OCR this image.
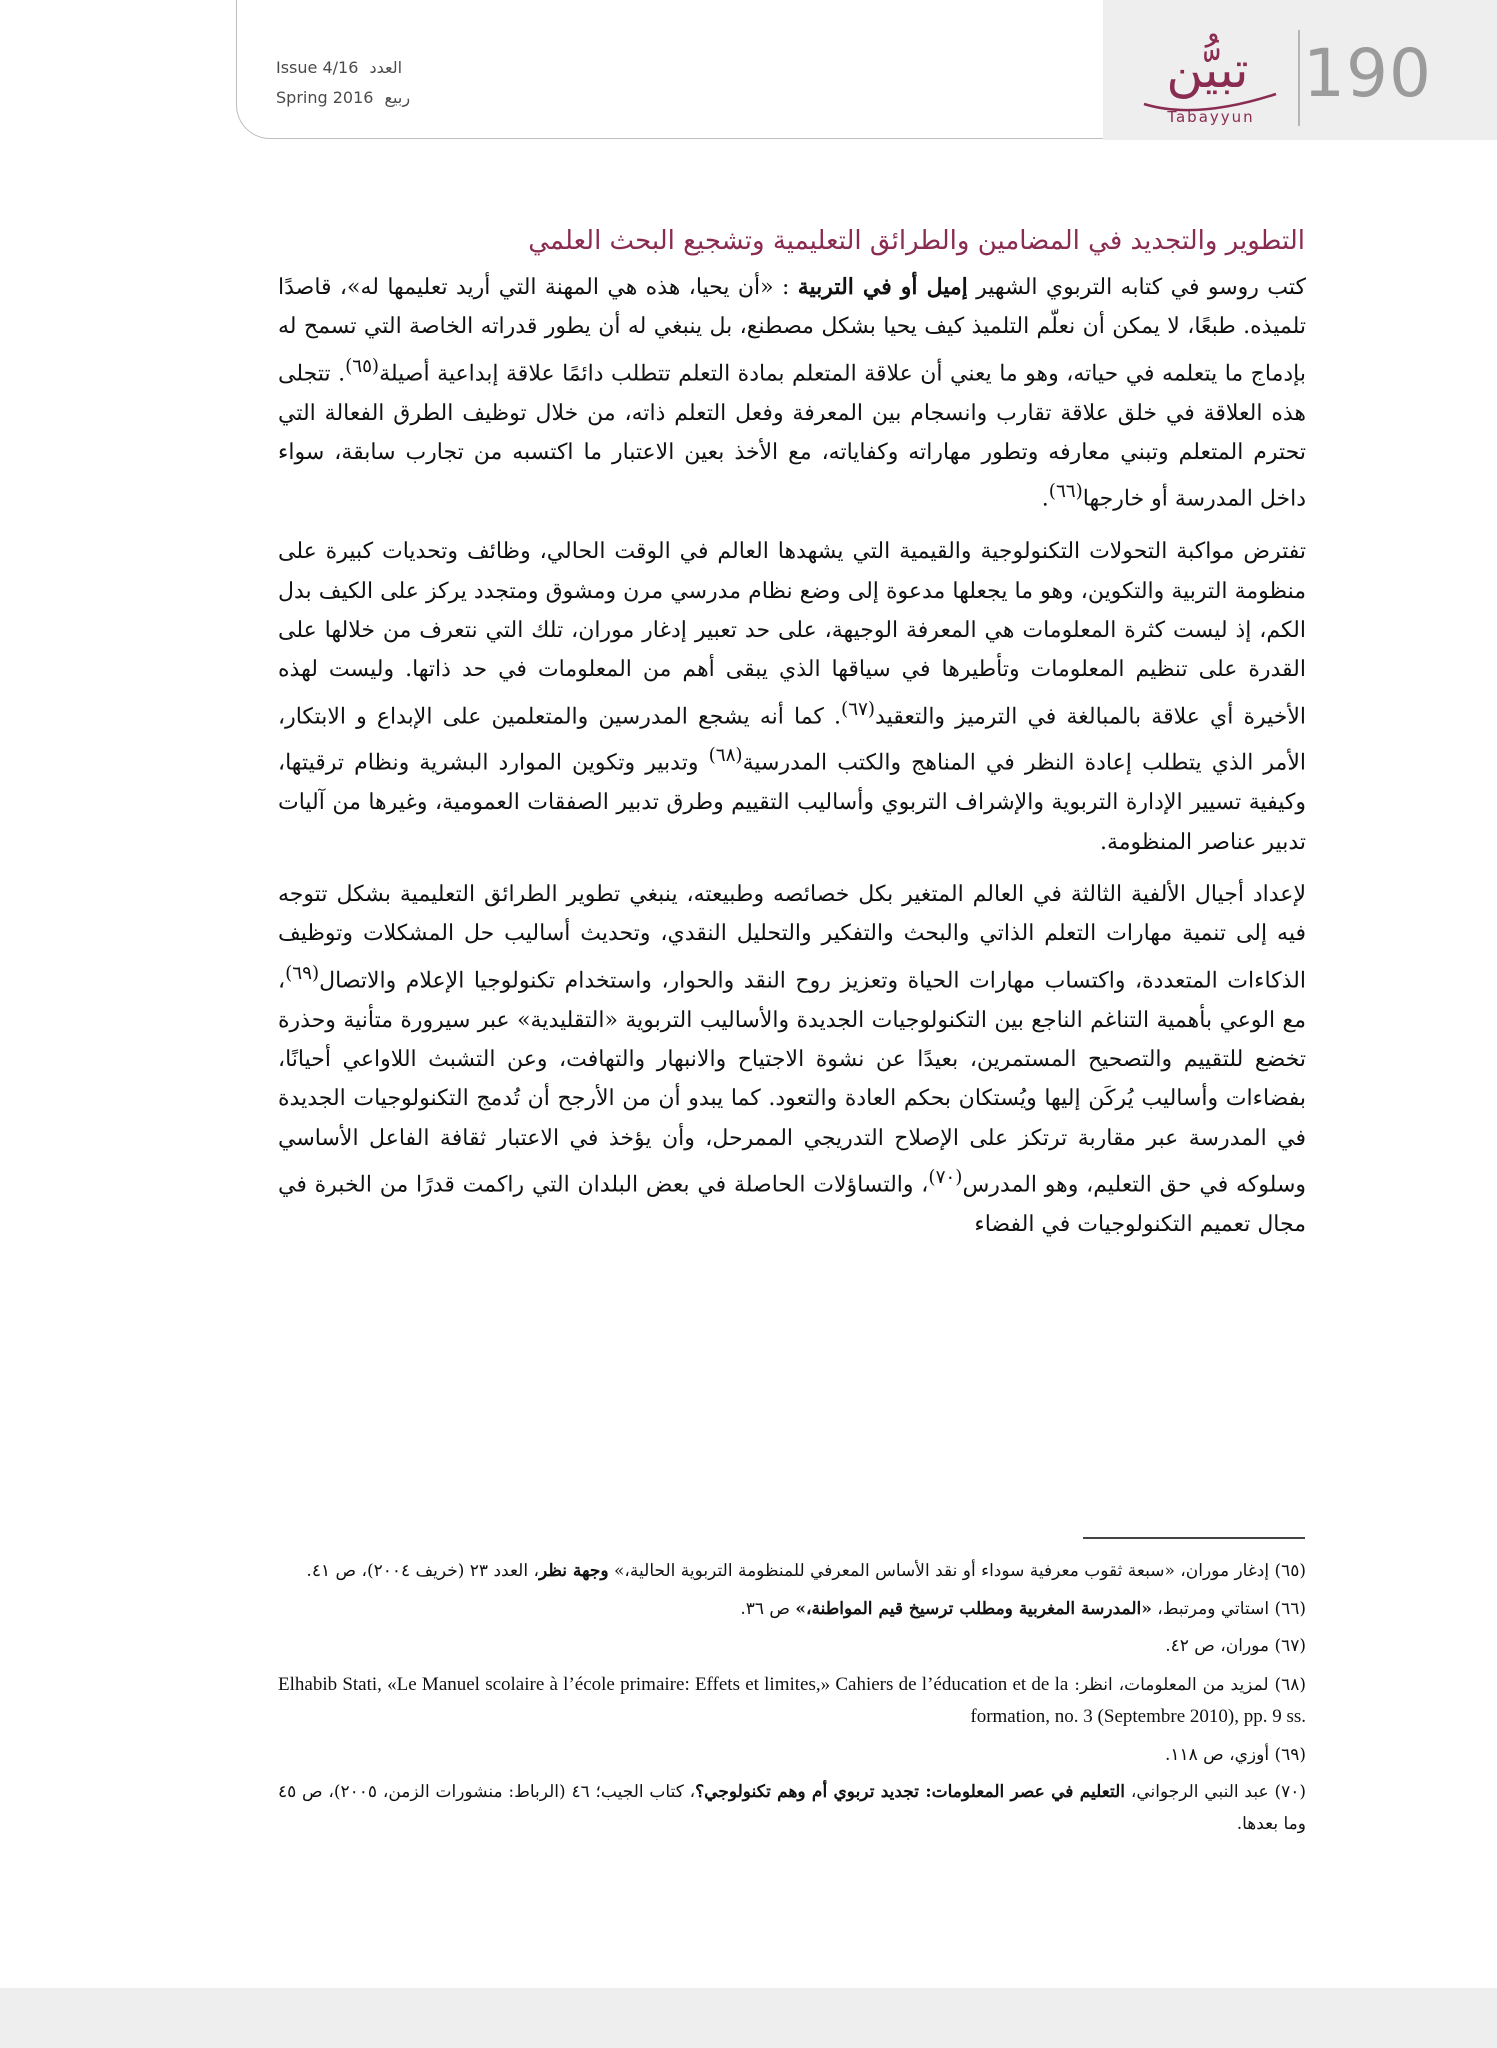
Issue 4/16 العدد
Spring 2016 ربيع	تبيُّن
Tabayyun
190
التطوير والتجديد في المضامين والطرائق التعليمية وتشجيع البحث العلمي

كتب روسو في كتابه التربوي الشهير إميل أو في التربية : «أن يحيا، هذه هي المهنة التي أريد تعليمها له»، قاصدًا تلميذه. طبعًا، لا يمكن أن نعلّم التلميذ كيف يحيا بشكل مصطنع، بل ينبغي له أن يطور قدراته الخاصة التي تسمح له بإدماج ما يتعلمه في حياته، وهو ما يعني أن علاقة المتعلم بمادة التعلم تتطلب دائمًا علاقة إبداعية أصيلة$^{(٦٥)}$. تتجلى هذه العلاقة في خلق علاقة تقارب وانسجام بين المعرفة وفعل التعلم ذاته، من خلال توظيف الطرق الفعالة التي تحترم المتعلم وتبني معارفه وتطور مهاراته وكفاياته، مع الأخذ بعين الاعتبار ما اكتسبه من تجارب سابقة، سواء داخل المدرسة أو خارجها$^{(٦٦)}$.

تفترض مواكبة التحولات التكنولوجية والقيمية التي يشهدها العالم في الوقت الحالي، وظائف وتحديات كبيرة على منظومة التربية والتكوين، وهو ما يجعلها مدعوة إلى وضع نظام مدرسي مرن ومشوق ومتجدد يركز على الكيف بدل الكم، إذ ليست كثرة المعلومات هي المعرفة الوجيهة، على حد تعبير إدغار موران، تلك التي نتعرف من خلالها على القدرة على تنظيم المعلومات وتأطيرها في سياقها الذي يبقى أهم من المعلومات في حد ذاتها. وليست لهذه الأخيرة أي علاقة بالمبالغة في الترميز والتعقيد$^{(٦٧)}$. كما أنه يشجع المدرسين والمتعلمين على الإبداع و الابتكار، الأمر الذي يتطلب إعادة النظر في المناهج والكتب المدرسية$^{(٦٨)}$ وتدبير وتكوين الموارد البشرية ونظام ترقيتها، وكيفية تسيير الإدارة التربوية والإشراف التربوي وأساليب التقييم وطرق تدبير الصفقات العمومية، وغيرها من آليات تدبير عناصر المنظومة.

لإعداد أجيال الألفية الثالثة في العالم المتغير بكل خصائصه وطبيعته، ينبغي تطوير الطرائق التعليمية بشكل تتوجه فيه إلى تنمية مهارات التعلم الذاتي والبحث والتفكير والتحليل النقدي، وتحديث أساليب حل المشكلات وتوظيف الذكاءات المتعددة، واكتساب مهارات الحياة وتعزيز روح النقد والحوار، واستخدام تكنولوجيا الإعلام والاتصال$^{(٦٩)}$، مع الوعي بأهمية التناغم الناجع بين التكنولوجيات الجديدة والأساليب التربوية «التقليدية» عبر سيرورة متأنية وحذرة تخضع للتقييم والتصحيح المستمرين، بعيدًا عن نشوة الاجتياح والانبهار والتهافت، وعن التشبث اللاواعي أحيانًا، بفضاءات وأساليب يُركَن إليها ويُستكان بحكم العادة والتعود. كما يبدو أن من الأرجح أن تُدمج التكنولوجيات الجديدة في المدرسة عبر مقاربة ترتكز على الإصلاح التدريجي الممرحل، وأن يؤخذ في الاعتبار ثقافة الفاعل الأساسي وسلوكه في حق التعليم، وهو المدرس$^{(٧٠)}$، والتساؤلات الحاصلة في بعض البلدان التي راكمت قدرًا من الخبرة في مجال تعميم التكنولوجيات في الفضاء

(٦٥) إدغار موران، «سبعة ثقوب معرفية سوداء أو نقد الأساس المعرفي للمنظومة التربوية الحالية،» وجهة نظر، العدد ٢٣ (خريف ٢٠٠٤)، ص ٤١.

(٦٦) استاتي ومرتبط، «المدرسة المغربية ومطلب ترسيخ قيم المواطنة،» ص ٣٦.

(٦٧) موران، ص ٤٢.

(٦٨) لمزيد من المعلومات، انظر: Elhabib Stati, «Le Manuel scolaire à l’école primaire: Effets et limites,» Cahiers de l’éducation et de la formation, no. 3 (Septembre 2010), pp. 9 ss.

(٦٩) أوزي، ص ١١٨.

(٧٠) عبد النبي الرجواني، التعليم في عصر المعلومات: تجديد تربوي أم وهم تكنولوجي؟، كتاب الجيب؛ ٤٦ (الرباط: منشورات الزمن، ٢٠٠٥)، ص ٤٥ وما بعدها.
